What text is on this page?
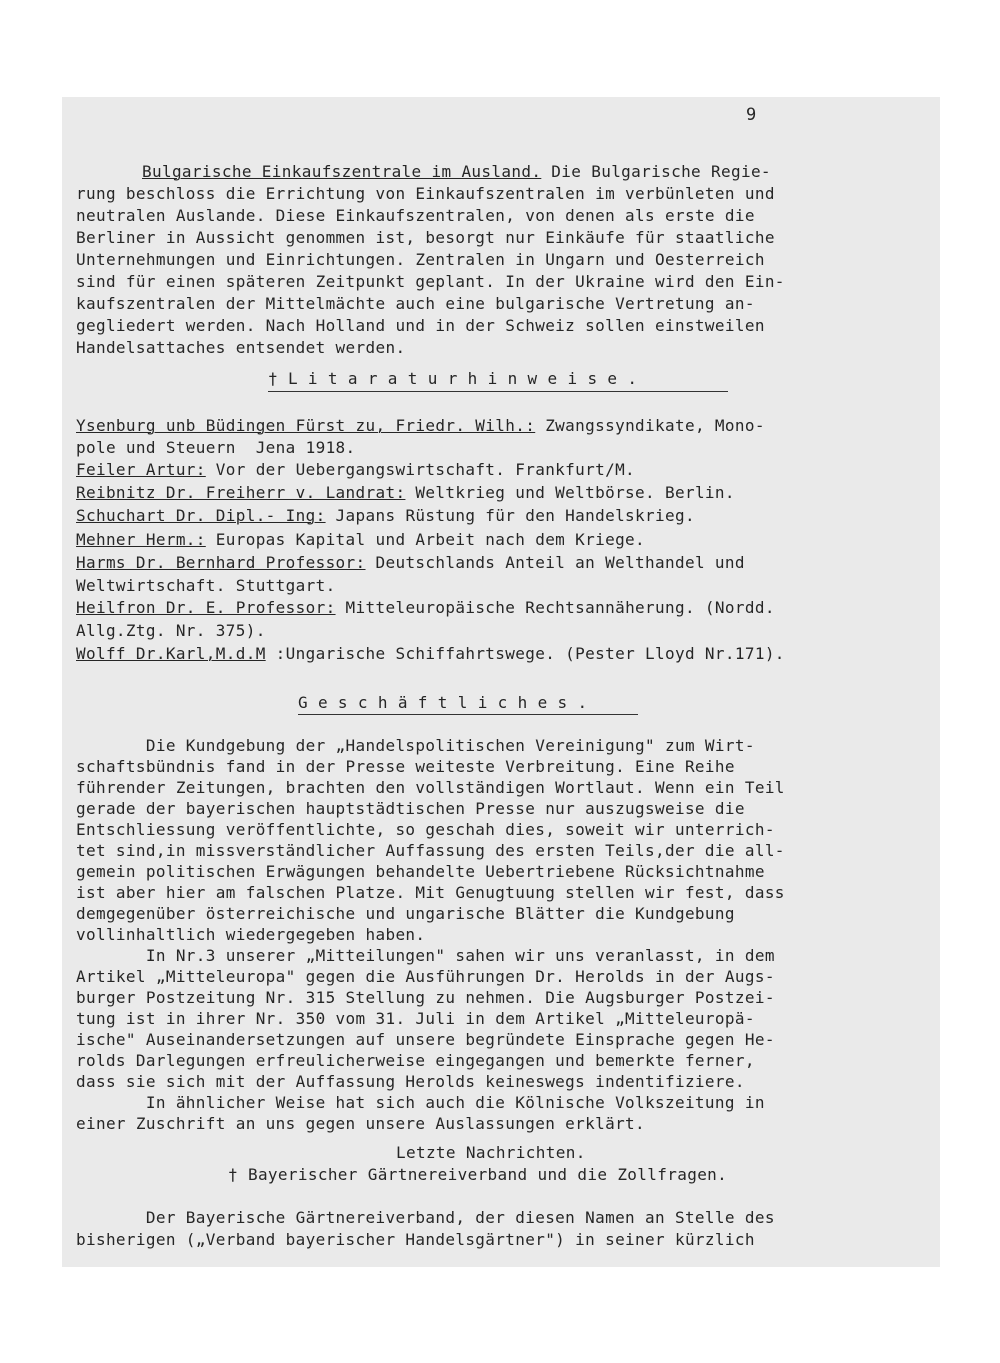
9
Bulgarische Einkaufszentrale im Ausland. Die Bulgarische Regie-
rung beschloss die Errichtung von Einkaufszentralen im verbünleten und
neutralen Auslande. Diese Einkaufszentralen, von denen als erste die
Berliner in Aussicht genommen ist, besorgt nur Einkäufe für staatliche
Unternehmungen und Einrichtungen. Zentralen in Ungarn und Oesterreich
sind für einen späteren Zeitpunkt geplant. In der Ukraine wird den Ein-
kaufszentralen der Mittelmächte auch eine bulgarische Vertretung an-
gegliedert werden. Nach Holland und in der Schweiz sollen einstweilen
Handelsattaches entsendet werden.
† L i t a r a t u r h i n w e i s e .
Ysenburg unb Büdingen Fürst zu, Friedr. Wilh.: Zwangssyndikate, Mono-
pole und Steuern  Jena 1918.
Feiler Artur: Vor der Uebergangswirtschaft. Frankfurt/M.
Reibnitz Dr. Freiherr v. Landrat: Weltkrieg und Weltbörse. Berlin.
Schuchart Dr. Dipl.- Ing: Japans Rüstung für den Handelskrieg.
Mehner Herm.: Europas Kapital und Arbeit nach dem Kriege.
Harms Dr. Bernhard Professor: Deutschlands Anteil an Welthandel und
Weltwirtschaft. Stuttgart.
Heilfron Dr. E. Professor: Mitteleuropäische Rechtsannäherung. (Nordd.
Allg.Ztg. Nr. 375).
Wolff Dr.Karl,M.d.M :Ungarische Schiffahrtswege. (Pester Lloyd Nr.171).
G e s c h ä f t l i c h e s .
Die Kundgebung der „Handelspolitischen Vereinigung" zum Wirt-
schaftsbündnis fand in der Presse weiteste Verbreitung. Eine Reihe
führender Zeitungen, brachten den vollständigen Wortlaut. Wenn ein Teil
gerade der bayerischen hauptstädtischen Presse nur auszugsweise die
Entschliessung veröffentlichte, so geschah dies, soweit wir unterrich-
tet sind,in missverständlicher Auffassung des ersten Teils,der die all-
gemein politischen Erwägungen behandelte Uebertriebene Rücksichtnahme
ist aber hier am falschen Platze. Mit Genugtuung stellen wir fest, dass
demgegenüber österreichische und ungarische Blätter die Kundgebung
vollinhaltlich wiedergegeben haben.
In Nr.3 unserer „Mitteilungen" sahen wir uns veranlasst, in dem
Artikel „Mitteleuropa" gegen die Ausführungen Dr. Herolds in der Augs-
burger Postzeitung Nr. 315 Stellung zu nehmen. Die Augsburger Postzei-
tung ist in ihrer Nr. 350 vom 31. Juli in dem Artikel „Mitteleuropä-
ische" Auseinandersetzungen auf unsere begründete Einsprache gegen He-
rolds Darlegungen erfreulicherweise eingegangen und bemerkte ferner,
dass sie sich mit der Auffassung Herolds keineswegs indentifiziere.
In ähnlicher Weise hat sich auch die Kölnische Volkszeitung in
einer Zuschrift an uns gegen unsere Auslassungen erklärt.
Letzte Nachrichten.
† Bayerischer Gärtnereiverband und die Zollfragen.
Der Bayerische Gärtnereiverband, der diesen Namen an Stelle des
bisherigen („Verband bayerischer Handelsgärtner") in seiner kürzlich
